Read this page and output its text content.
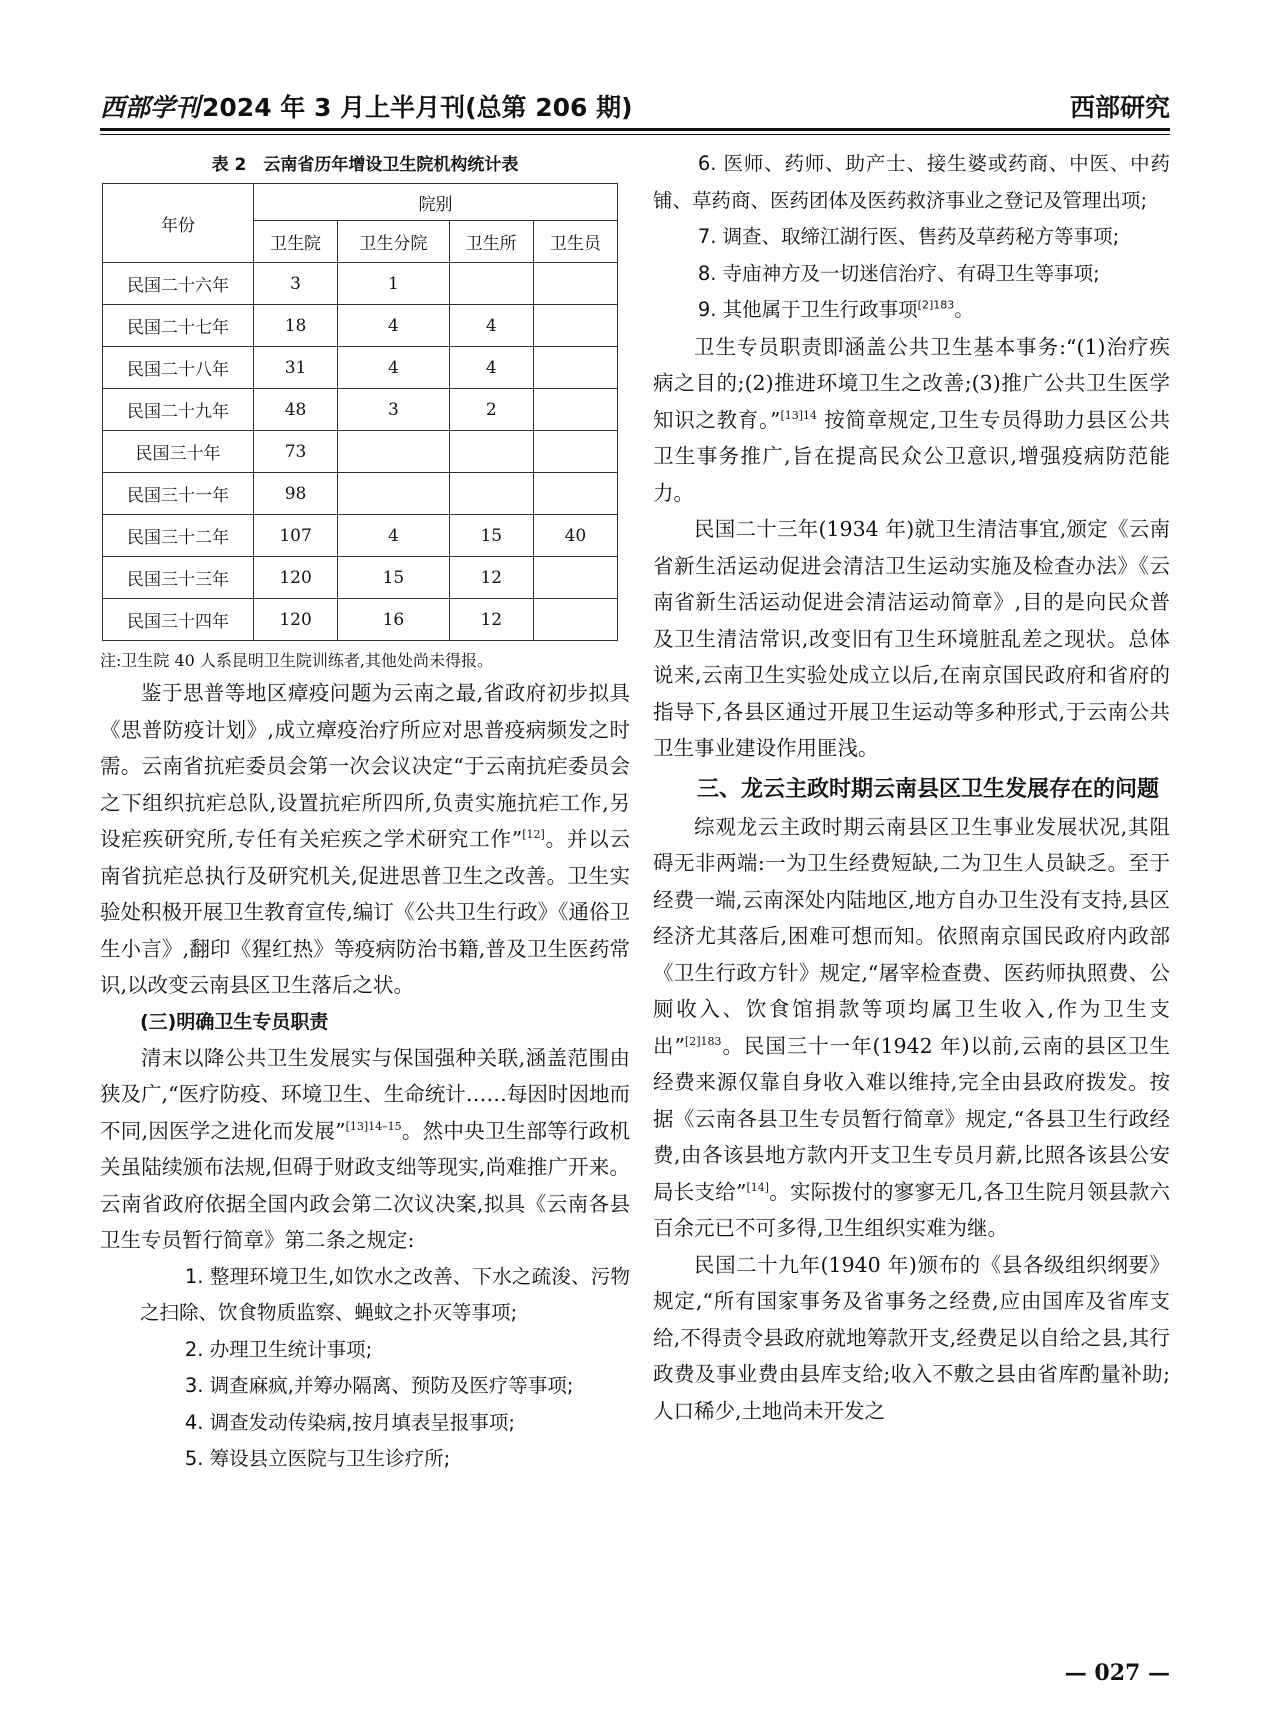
西部学刊2024 年 3 月上半月刊(总第 206 期)	西部研究
表 2　云南省历年增设卫生院机构统计表
年份	院别			
	卫生院	卫生分院	卫生所	卫生员
民国二十六年	3	1		
民国二十七年	18	4	4	
民国二十八年	31	4	4	
民国二十九年	48	3	2	
民国三十年	73			
民国三十一年	98			
民国三十二年	107	4	15	40
民国三十三年	120	15	12	
民国三十四年	120	16	12	
注:卫生院 40 人系昆明卫生院训练者,其他处尚未得报。

鉴于思普等地区瘴疫问题为云南之最,省政府初步拟具《思普防疫计划》,成立瘴疫治疗所应对思普疫病频发之时需。云南省抗疟委员会第一次会议决定“于云南抗疟委员会之下组织抗疟总队,设置抗疟所四所,负责实施抗疟工作,另设疟疾研究所,专任有关疟疾之学术研究工作”[12]。并以云南省抗疟总执行及研究机关,促进思普卫生之改善。卫生实验处积极开展卫生教育宣传,编订《公共卫生行政》《通俗卫生小言》,翻印《猩红热》等疫病防治书籍,普及卫生医药常识,以改变云南县区卫生落后之状。

(三)明确卫生专员职责

清末以降公共卫生发展实与保国强种关联,涵盖范围由狭及广,“医疗防疫、环境卫生、生命统计……每因时因地而不同,因医学之进化而发展”$^{[13]14-15}$。然中央卫生部等行政机关虽陆续颁布法规,但碍于财政支绌等现实,尚难推广开来。云南省政府依据全国内政会第二次议决案,拟具《云南各县卫生专员暂行简章》第二条之规定:

1. 整理环境卫生,如饮水之改善、下水之疏浚、污物之扫除、饮食物质监察、蝇蚊之扑灭等事项;

2. 办理卫生统计事项;

3. 调查麻疯,并筹办隔离、预防及医疗等事项;

4. 调查发动传染病,按月填表呈报事项;

5. 筹设县立医院与卫生诊疗所;

6. 医师、药师、助产士、接生婆或药商、中医、中药铺、草药商、医药团体及医药救济事业之登记及管理出项;

7. 调查、取缔江湖行医、售药及草药秘方等事项;

8. 寺庙神方及一切迷信治疗、有碍卫生等事项;

9. 其他属于卫生行政事项$^{[2]183}$。

卫生专员职责即涵盖公共卫生基本事务:“(1)治疗疾病之目的;(2)推进环境卫生之改善;(3)推广公共卫生医学知识之教育。”$^{[13]14}$ 按简章规定,卫生专员得助力县区公共卫生事务推广,旨在提高民众公卫意识,增强疫病防范能力。

民国二十三年(1934 年)就卫生清洁事宜,颁定《云南省新生活运动促进会清洁卫生运动实施及检查办法》《云南省新生活运动促进会清洁运动简章》,目的是向民众普及卫生清洁常识,改变旧有卫生环境脏乱差之现状。总体说来,云南卫生实验处成立以后,在南京国民政府和省府的指导下,各县区通过开展卫生运动等多种形式,于云南公共卫生事业建设作用匪浅。

三、龙云主政时期云南县区卫生发展存在的问题

综观龙云主政时期云南县区卫生事业发展状况,其阻碍无非两端:一为卫生经费短缺,二为卫生人员缺乏。至于经费一端,云南深处内陆地区,地方自办卫生没有支持,县区经济尤其落后,困难可想而知。依照南京国民政府内政部《卫生行政方针》规定,“屠宰检查费、医药师执照费、公厕收入、饮食馆捐款等项均属卫生收入,作为卫生支出”$^{[2]183}$。民国三十一年(1942 年)以前,云南的县区卫生经费来源仅靠自身收入难以维持,完全由县政府拨发。按据《云南各县卫生专员暂行简章》规定,“各县卫生行政经费,由各该县地方款内开支卫生专员月薪,比照各该县公安局长支给”[14]。实际拨付的寥寥无几,各卫生院月领县款六百余元已不可多得,卫生组织实难为继。

民国二十九年(1940 年)颁布的《县各级组织纲要》规定,“所有国家事务及省事务之经费,应由国库及省库支给,不得责令县政府就地筹款开支,经费足以自给之县,其行政费及事业费由县库支给;收入不敷之县由省库酌量补助;人口稀少,土地尚未开发之

— 027 —
